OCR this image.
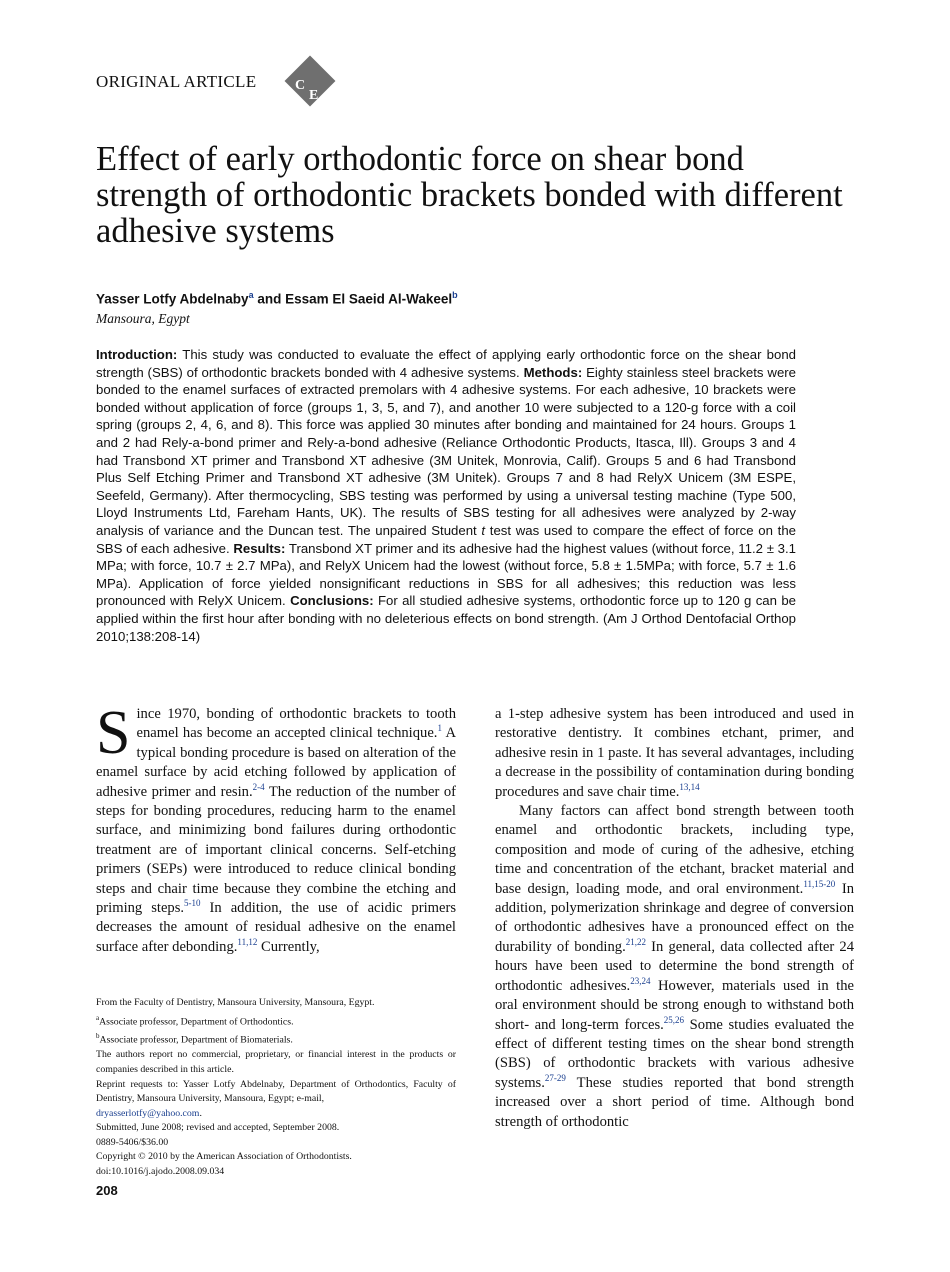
ORIGINAL ARTICLE	C
E
Effect of early orthodontic force on shear bond strength of orthodontic brackets bonded with different adhesive systems
Yasser Lotfy Abdelnaby$^a$ and Essam El Saeid Al-Wakeel$^b$
Mansoura, Egypt

Introduction: This study was conducted to evaluate the effect of applying early orthodontic force on the shear bond strength (SBS) of orthodontic brackets bonded with 4 adhesive systems. Methods: Eighty stainless steel brackets were bonded to the enamel surfaces of extracted premolars with 4 adhesive systems. For each adhesive, 10 brackets were bonded without application of force (groups 1, 3, 5, and 7), and another 10 were subjected to a 120-g force with a coil spring (groups 2, 4, 6, and 8). This force was applied 30 minutes after bonding and maintained for 24 hours. Groups 1 and 2 had Rely-a-bond primer and Rely-a-bond adhesive (Reliance Orthodontic Products, Itasca, Ill). Groups 3 and 4 had Transbond XT primer and Transbond XT adhesive (3M Unitek, Monrovia, Calif). Groups 5 and 6 had Transbond Plus Self Etching Primer and Transbond XT adhesive (3M Unitek). Groups 7 and 8 had RelyX Unicem (3M ESPE, Seefeld, Germany). After thermocycling, SBS testing was performed by using a universal testing machine (Type 500, Lloyd Instruments Ltd, Fareham Hants, UK). The results of SBS testing for all adhesives were analyzed by 2-way analysis of variance and the Duncan test. The unpaired Student t test was used to compare the effect of force on the SBS of each adhesive. Results: Transbond XT primer and its adhesive had the highest values (without force, 11.2 ± 3.1 MPa; with force, 10.7 ± 2.7 MPa), and RelyX Unicem had the lowest (without force, 5.8 ± 1.5MPa; with force, 5.7 ± 1.6 MPa). Application of force yielded nonsignificant reductions in SBS for all adhesives; this reduction was less pronounced with RelyX Unicem. Conclusions: For all studied adhesive systems, orthodontic force up to 120 g can be applied within the first hour after bonding with no deleterious effects on bond strength. (Am J Orthod Dentofacial Orthop 2010;138:208-14)

Since 1970, bonding of orthodontic brackets to tooth enamel has become an accepted clinical technique.$^1$ A typical bonding procedure is based on alteration of the enamel surface by acid etching followed by application of adhesive primer and resin.$^{2-4}$ The reduction of the number of steps for bonding procedures, reducing harm to the enamel surface, and minimizing bond failures during orthodontic treatment are of important clinical concerns. Self-etching primers (SEPs) were introduced to reduce clinical bonding steps and chair time because they combine the etching and priming steps.$^{5-10}$ In addition, the use of acidic primers decreases the amount of residual adhesive on the enamel surface after debonding.$^{11,12}$ Currently,

a 1-step adhesive system has been introduced and used in restorative dentistry. It combines etchant, primer, and adhesive resin in 1 paste. It has several advantages, including a decrease in the possibility of contamination during bonding procedures and save chair time.$^{13,14}$

Many factors can affect bond strength between tooth enamel and orthodontic brackets, including type, composition and mode of curing of the adhesive, etching time and concentration of the etchant, bracket material and base design, loading mode, and oral environment.$^{11,15-20}$ In addition, polymerization shrinkage and degree of conversion of orthodontic adhesives have a pronounced effect on the durability of bonding.$^{21,22}$ In general, data collected after 24 hours have been used to determine the bond strength of orthodontic adhesives.$^{23,24}$ However, materials used in the oral environment should be strong enough to withstand both short- and long-term forces.$^{25,26}$ Some studies evaluated the effect of different testing times on the shear bond strength (SBS) of orthodontic brackets with various adhesive systems.$^{27-29}$ These studies reported that bond strength increased over a short period of time. Although bond strength of orthodontic

From the Faculty of Dentistry, Mansoura University, Mansoura, Egypt.
$^a$Associate professor, Department of Orthodontics.
$^b$Associate professor, Department of Biomaterials.
The authors report no commercial, proprietary, or financial interest in the products or companies described in this article.
Reprint requests to: Yasser Lotfy Abdelnaby, Department of Orthodontics, Faculty of Dentistry, Mansoura University, Mansoura, Egypt; e-mail,
dryasserlotfy@yahoo.com.
Submitted, June 2008; revised and accepted, September 2008.
0889-5406/$36.00
Copyright © 2010 by the American Association of Orthodontists.
doi:10.1016/j.ajodo.2008.09.034
208
